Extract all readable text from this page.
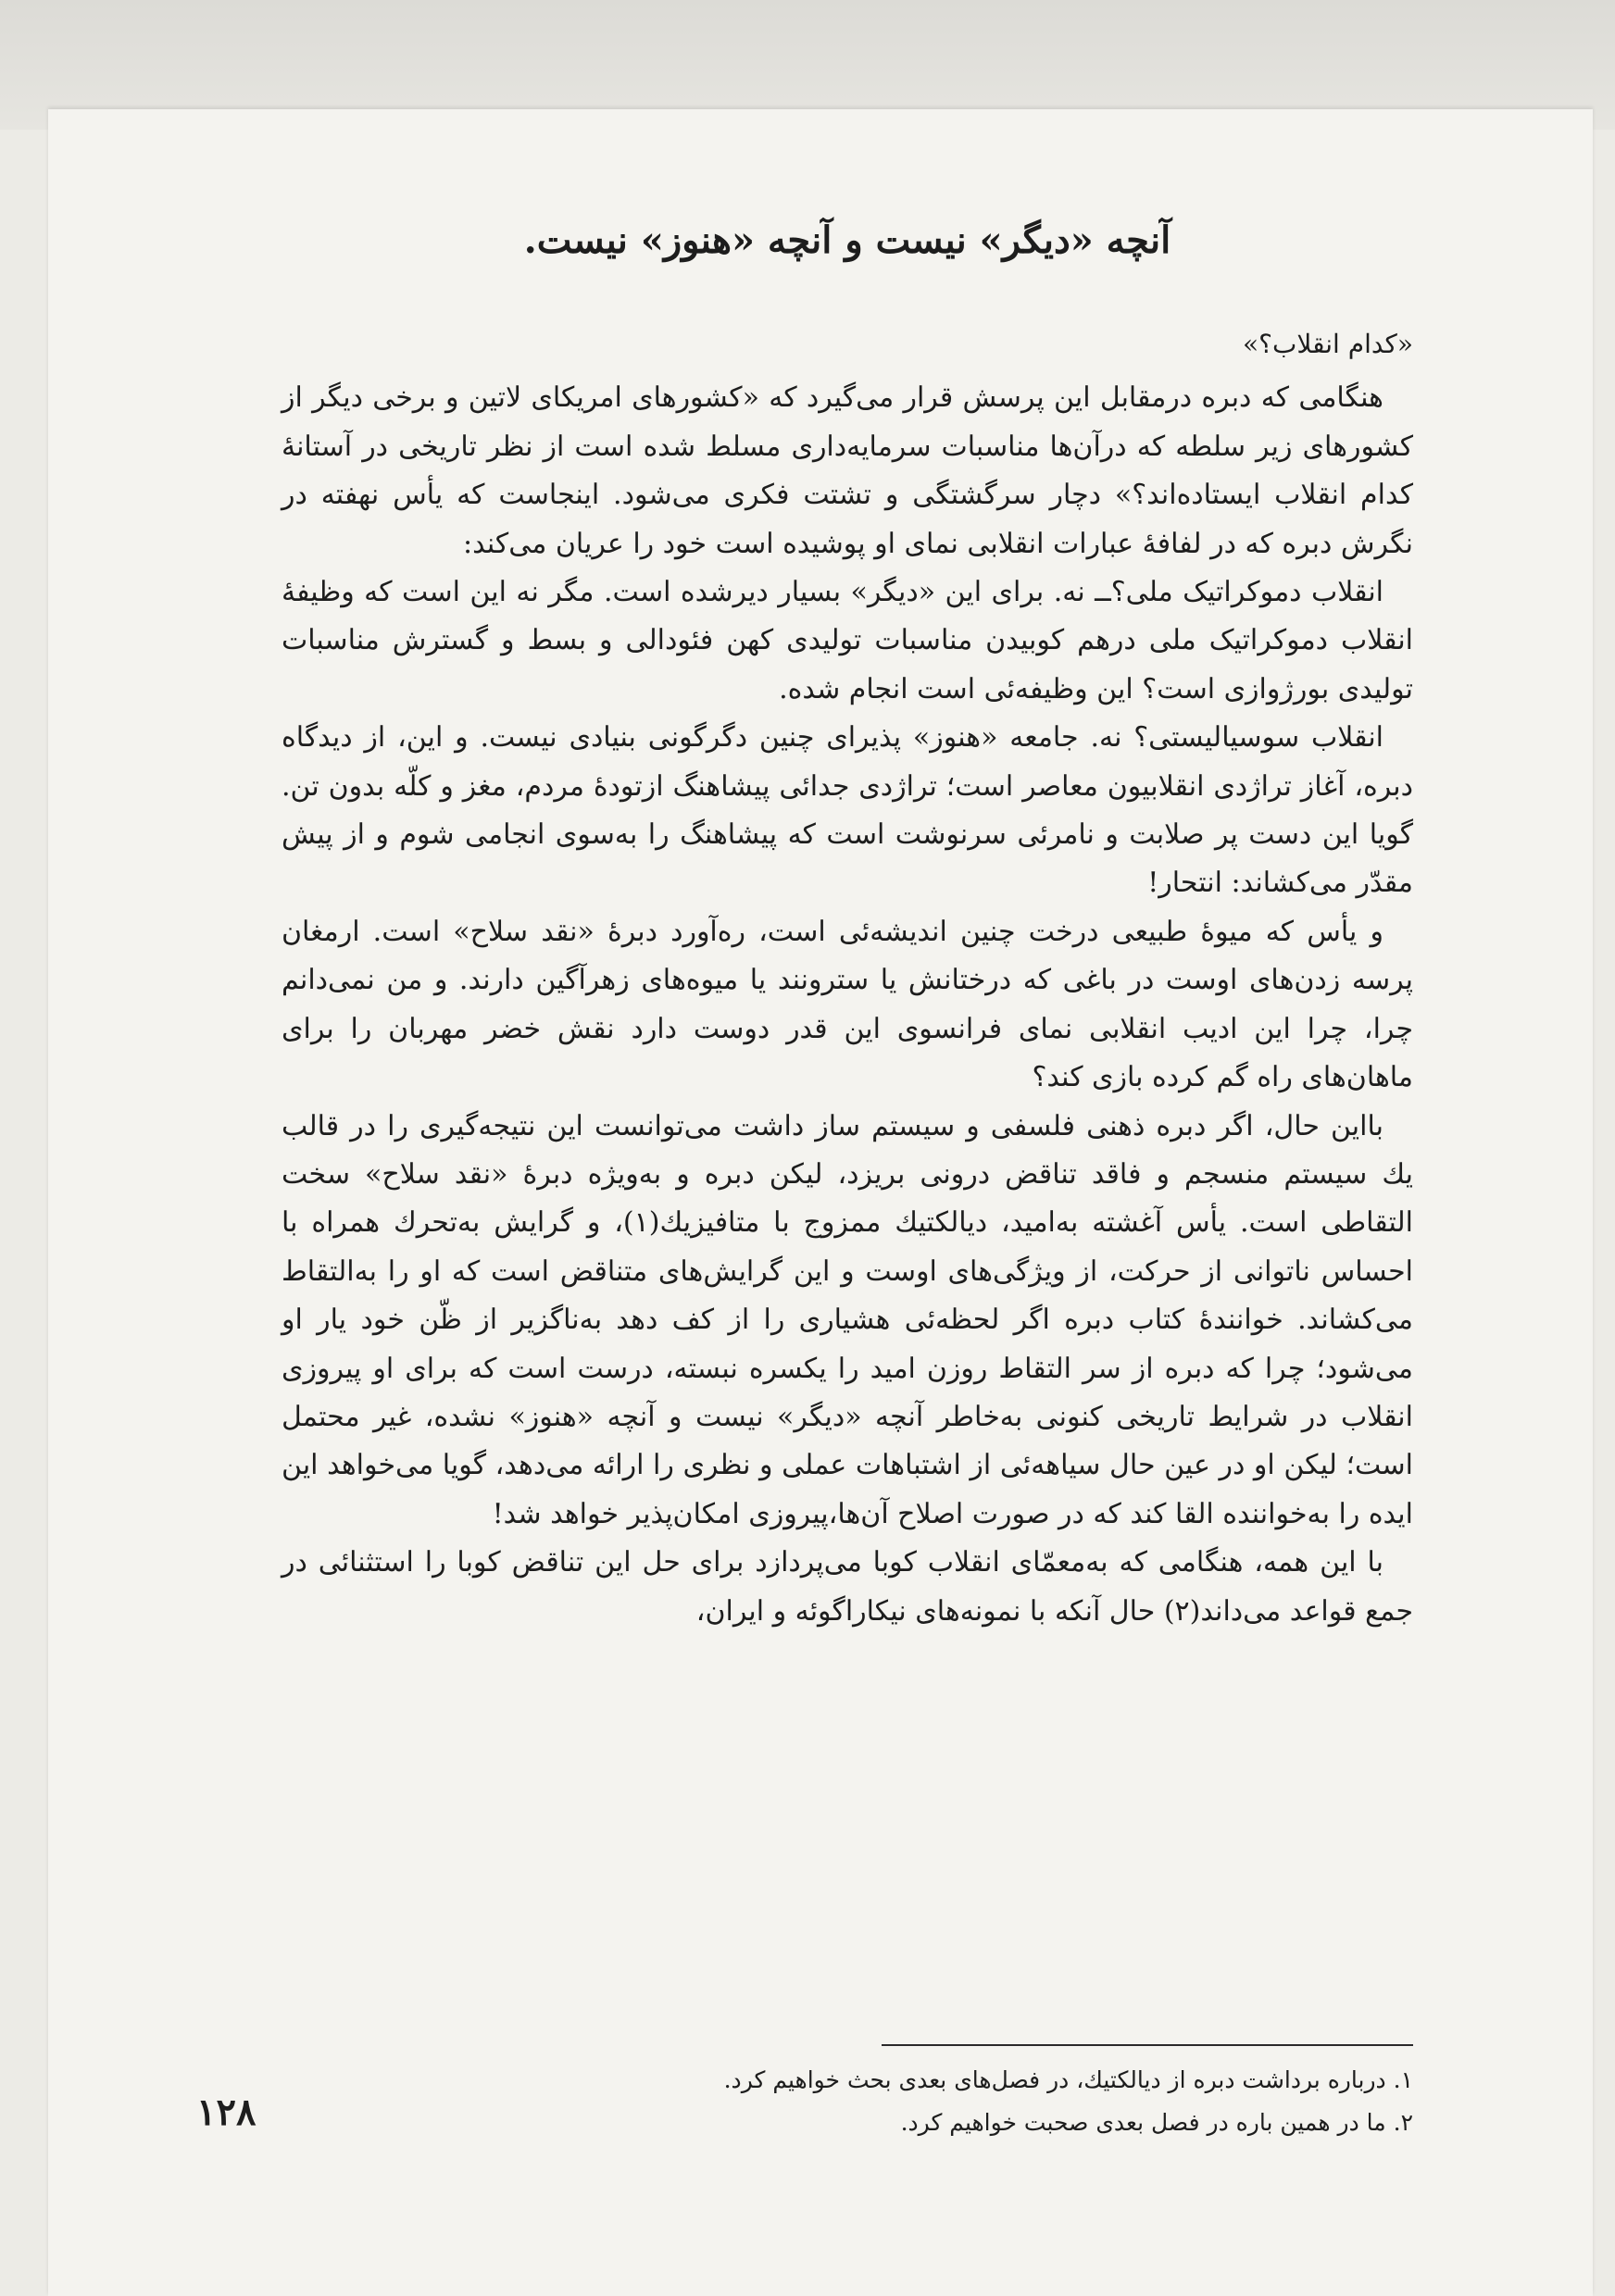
آنچه «دیگر» نیست و آنچه «هنوز» نیست.
«کدام انقلاب؟»

هنگامی که دبره درمقابل این پرسش قرار می‌گیرد که «کشورهای امریکای لاتین و برخی دیگر از کشورهای زیر سلطه که درآن‌ها مناسبات سرمایه‌داری مسلط شده است از نظر تاریخی در آستانهٔ کدام انقلاب ایستاده‌اند؟» دچار سرگشتگی و تشتت فکری می‌شود. اینجاست که یأس نهفته در نگرش دبره که در لفافهٔ عبارات انقلابی نمای او پوشیده است خود را عریان می‌کند:

انقلاب دموکراتیک ملی؟ــ نه. برای این «دیگر» بسیار دیرشده است. مگر نه این است که وظیفهٔ انقلاب دموکراتیک ملی درهم کوبیدن مناسبات تولیدی کهن فئودالی و بسط و گسترش مناسبات تولیدی بورژوازی است؟ این وظیفه‌ئی است انجام شده.

انقلاب سوسیالیستی؟ نه. جامعه «هنوز» پذیرای چنین دگرگونی بنیادی نیست. و این، از دیدگاه دبره، آغاز تراژدی انقلابیون معاصر است؛ تراژدی جدائی پیشاهنگ ازتودهٔ مردم، مغز و کلّه بدون تن. گویا این دست پر صلابت و نامرئی سرنوشت است که پیشاهنگ را به‌سوی انجامی شوم و از پیش مقدّر می‌کشاند: انتحار!

و یأس که میوهٔ طبیعی درخت چنین اندیشه‌ئی است، ره‌آورد دبرهٔ «نقد سلاح» است. ارمغان پرسه زدن‌های اوست در باغی که درختانش یا سترونند یا میوه‌های زهرآگین دارند. و من نمی‌دانم چرا، چرا این ادیب انقلابی نمای فرانسوی این قدر دوست دارد نقش خضر مهربان را برای ماهان‌های راه گم کرده بازی کند؟

بااین حال، اگر دبره ذهنی فلسفی و سیستم ساز داشت می‌توانست این نتیجه‌گیری را در قالب یك سیستم منسجم و فاقد تناقض درونی بریزد، لیکن دبره و به‌ویژه دبرهٔ «نقد سلاح» سخت التقاطی است. یأس آغشته به‌امید، دیالکتیك ممزوج با متافیزیك(۱)، و گرایش به‌تحرك همراه با احساس ناتوانی از حرکت، از ویژگی‌های اوست و این گرایش‌های متناقض است که او را به‌التقاط می‌کشاند. خوانندهٔ کتاب دبره اگر لحظه‌ئی هشیاری را از کف دهد به‌ناگزیر از ظّن خود یار او می‌شود؛ چرا که دبره از سر التقاط روزن امید را یکسره نبسته، درست است که برای او پیروزی انقلاب در شرایط تاریخی کنونی به‌خاطر آنچه «دیگر» نیست و آنچه «هنوز» نشده، غیر محتمل است؛ لیکن او در عین حال سیاهه‌ئی از اشتباهات عملی و نظری را ارائه می‌دهد، گویا می‌خواهد این ایده را به‌خواننده القا کند که در صورت اصلاح آن‌ها،پیروزی امکان‌پذیر خواهد شد!

با این همه، هنگامی که به‌معمّای انقلاب کوبا می‌پردازد برای حل این تناقض کوبا را استثنائی در جمع قواعد می‌داند(۲) حال آنکه با نمونه‌های نیکاراگوئه و ایران،

۱. درباره برداشت دبره از دیالکتیك، در فصل‌های بعدی بحث خواهیم کرد.
۲. ما در همین باره در فصل بعدی صحبت خواهیم کرد.
۱۲۸
